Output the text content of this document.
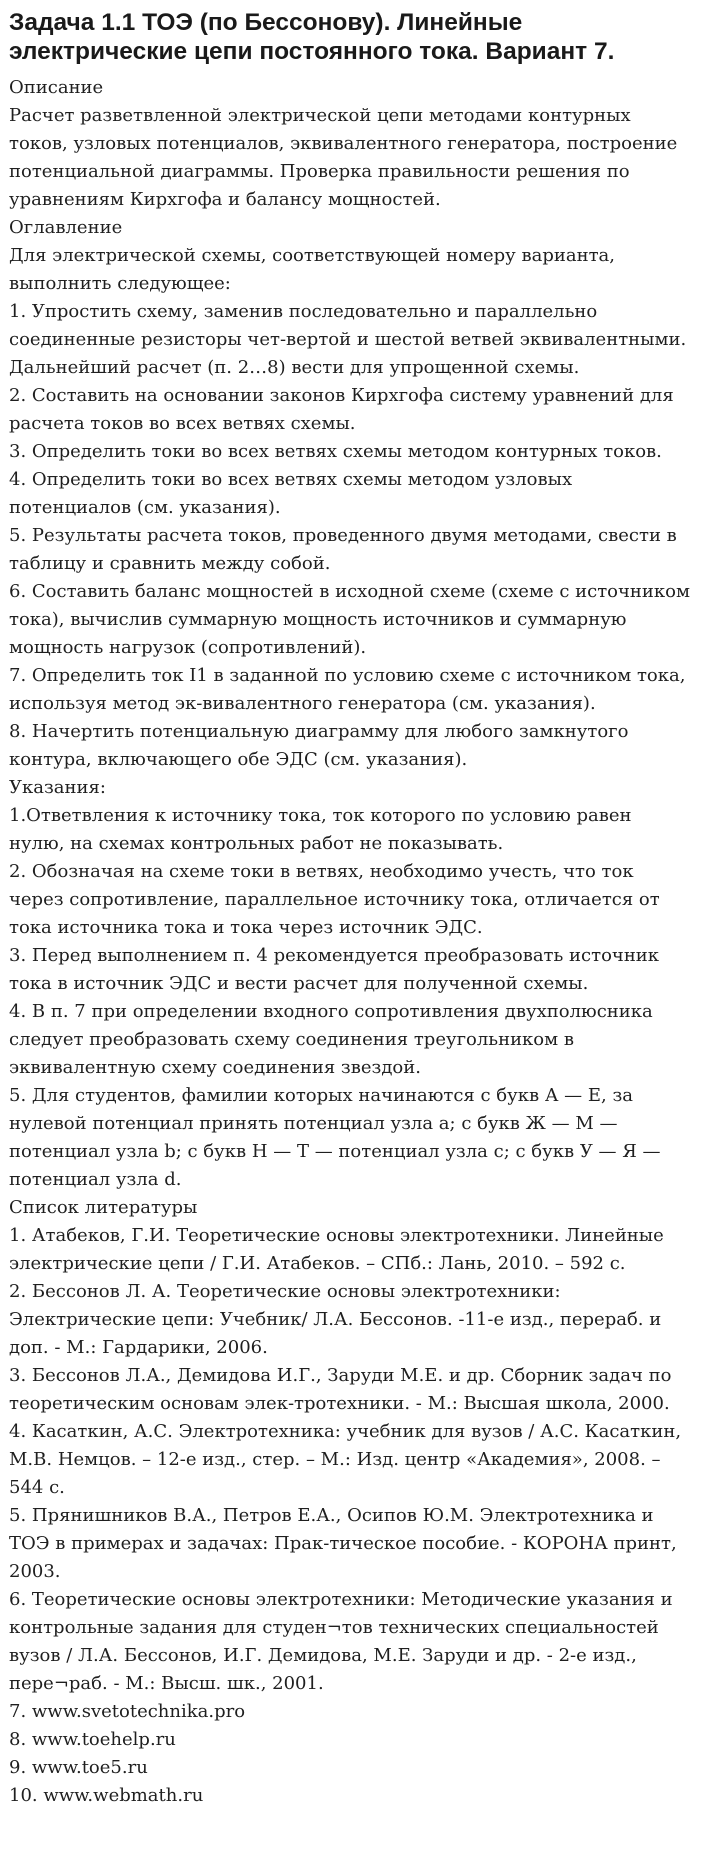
Задача 1.1 ТОЭ (по Бессонову). Линейные электрические цепи постоянного тока. Вариант 7.
Описание

Расчет разветвленной электрической цепи методами контурных токов, узловых потенциалов, эквивалентного генератора, построение потенциальной диаграммы. Проверка правильности решения по уравнениям Кирхгофа и балансу мощностей.

Оглавление

Для электрической схемы, соответствующей номеру варианта, выполнить следующее:

1. Упростить схему, заменив последовательно и параллельно соединенные резисторы чет-вертой и шестой ветвей эквивалентными. Дальнейший расчет (п. 2…8) вести для упрощенной схемы.

2. Составить на основании законов Кирхгофа систему уравнений для расчета токов во всех ветвях схемы.

3. Определить токи во всех ветвях схемы методом контурных токов.

4. Определить токи во всех ветвях схемы методом узловых потенциалов (см. указания).

5. Результаты расчета токов, проведенного двумя методами, свести в таблицу и сравнить между собой.

6. Составить баланс мощностей в исходной схеме (схеме с источником тока), вычислив суммарную мощность источников и суммарную мощность нагрузок (сопротивлений).

7. Определить ток I1 в заданной по условию схеме с источником тока, используя метод эк-вивалентного генератора (см. указания).

8. Начертить потенциальную диаграмму для любого замкнутого контура, включающего обе ЭДС (см. указания).

Указания:

1.Ответвления к источнику тока, ток которого по условию равен нулю, на схемах контрольных работ не показывать.

2. Обозначая на схеме токи в ветвях, необходимо учесть, что ток через сопротивление, параллельное источнику тока, отличается от тока источника тока и тока через источник ЭДС.

3. Перед выполнением п. 4 рекомендуется преобразовать источник тока в источник ЭДС и вести расчет для полученной схемы.

4. В п. 7 при определении входного сопротивления двухполюсника следует преобразовать схему соединения треугольником в эквивалентную схему соединения звездой.

5. Для студентов, фамилии которых начинаются с букв А — Е, за нулевой потенциал принять потенциал узла a; с букв Ж — М — потенциал узла b; с букв Н — Т — потенциал узла c; с букв У — Я — потенциал узла d.

Список литературы

1. Атабеков, Г.И. Теоретические основы электротехники. Линейные электрические цепи / Г.И. Атабеков. – СПб.: Лань, 2010. – 592 с.

2. Бессонов Л. А. Теоретические основы электротехники: Электрические цепи: Учебник/ Л.А. Бессонов. -11-е изд., перераб. и доп. - М.: Гардарики, 2006.

3. Бессонов Л.А., Демидова И.Г., Заруди М.Е. и др. Сборник задач по теоретическим основам элек-тротехники. - М.: Высшая школа, 2000.

4. Касаткин, А.С. Электротехника: учебник для вузов / А.С. Касаткин, М.В. Немцов. – 12-е изд., стер. – М.: Изд. центр «Академия», 2008. – 544 с.

5. Прянишников В.А., Петров Е.А., Осипов Ю.М. Электротехника и ТОЭ в примерах и задачах: Прак-тическое пособие. - КОРОНА принт, 2003.

6. Теоретические основы электротехники: Методические указания и контрольные задания для студен¬тов технических специальностей вузов / Л.А. Бессонов, И.Г. Демидова, М.Е. Заруди и др. - 2-е изд., пере¬раб. - М.: Высш. шк., 2001.

7. www.svetotechnika.pro

8. www.toehelp.ru

9. www.toe5.ru

10. www.webmath.ru
